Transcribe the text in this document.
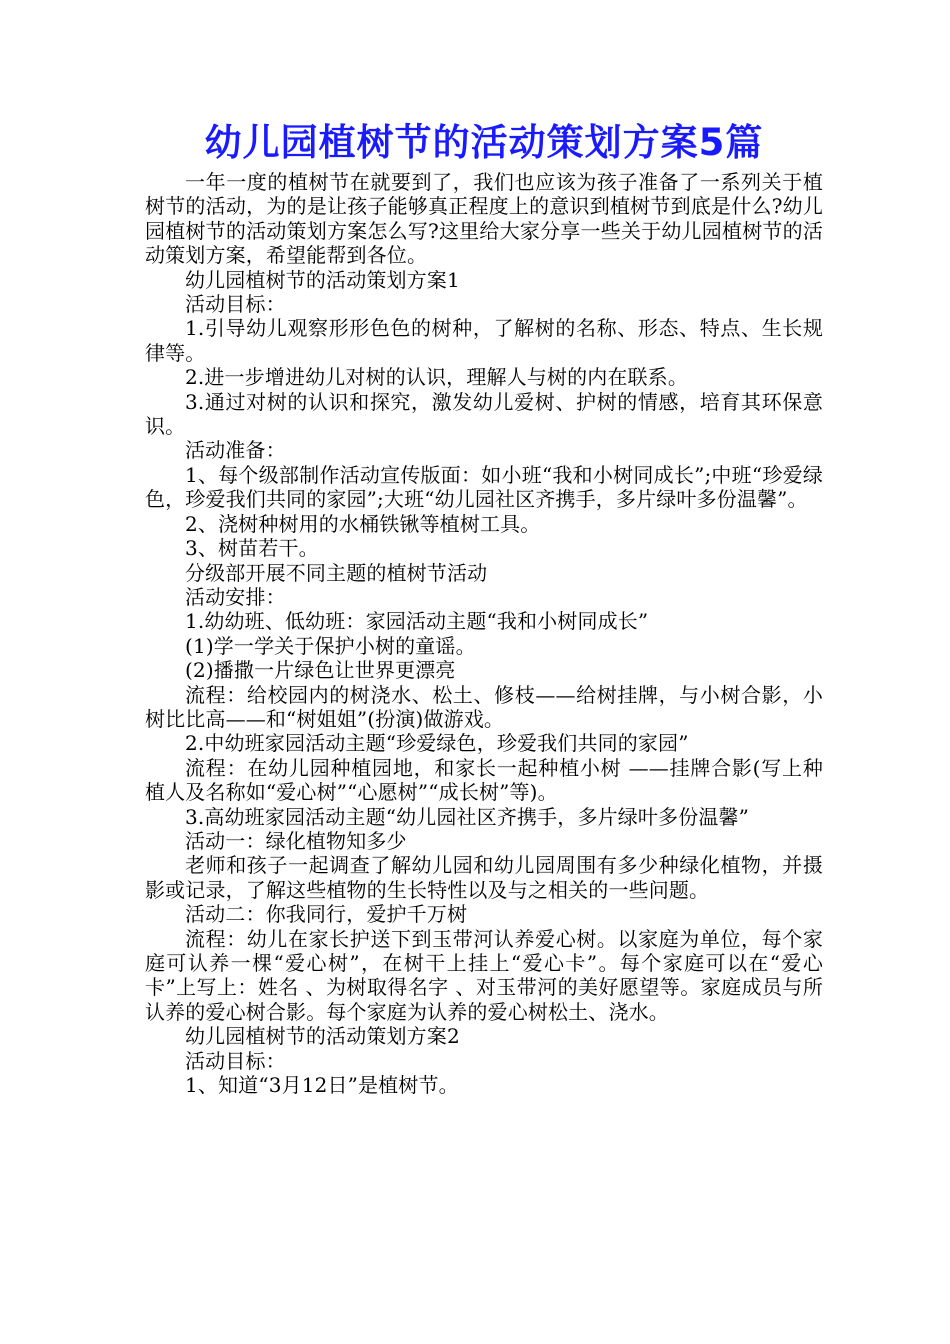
幼儿园植树节的活动策划方案5篇
一年一度的植树节在就要到了，我们也应该为孩子准备了一系列关于植树节的活动，为的是让孩子能够真正程度上的意识到植树节到底是什么?幼儿园植树节的活动策划方案怎么写?这里给大家分享一些关于幼儿园植树节的活动策划方案，希望能帮到各位。
幼儿园植树节的活动策划方案1
活动目标：
1.引导幼儿观察形形色色的树种，了解树的名称、形态、特点、生长规律等。
2.进一步增进幼儿对树的认识，理解人与树的内在联系。
3.通过对树的认识和探究，激发幼儿爱树、护树的情感，培育其环保意识。
活动准备：
1、每个级部制作活动宣传版面：如小班“我和小树同成长”;中班“珍爱绿色，珍爱我们共同的家园”;大班“幼儿园社区齐携手，多片绿叶多份温馨”。
2、浇树种树用的水桶铁锹等植树工具。
3、树苗若干。
分级部开展不同主题的植树节活动
活动安排：
1.幼幼班、低幼班：家园活动主题“我和小树同成长”
(1)学一学关于保护小树的童谣。
(2)播撒一片绿色让世界更漂亮
流程：给校园内的树浇水、松土、修枝——给树挂牌，与小树合影，小树比比高——和“树姐姐”(扮演)做游戏。
2.中幼班家园活动主题“珍爱绿色，珍爱我们共同的家园”
流程：在幼儿园种植园地，和家长一起种植小树 ——挂牌合影(写上种植人及名称如“爱心树”“心愿树”“成长树”等)。
3.高幼班家园活动主题“幼儿园社区齐携手，多片绿叶多份温馨”
活动一：绿化植物知多少
老师和孩子一起调查了解幼儿园和幼儿园周围有多少种绿化植物，并摄影或记录，了解这些植物的生长特性以及与之相关的一些问题。
活动二：你我同行，爱护千万树
流程：幼儿在家长护送下到玉带河认养爱心树。以家庭为单位，每个家庭可认养一棵“爱心树”，在树干上挂上“爱心卡”。每个家庭可以在“爱心卡”上写上：姓名 、为树取得名字 、对玉带河的美好愿望等。家庭成员与所认养的爱心树合影。每个家庭为认养的爱心树松土、浇水。
幼儿园植树节的活动策划方案2
活动目标：
1、知道“3月12日”是植树节。
